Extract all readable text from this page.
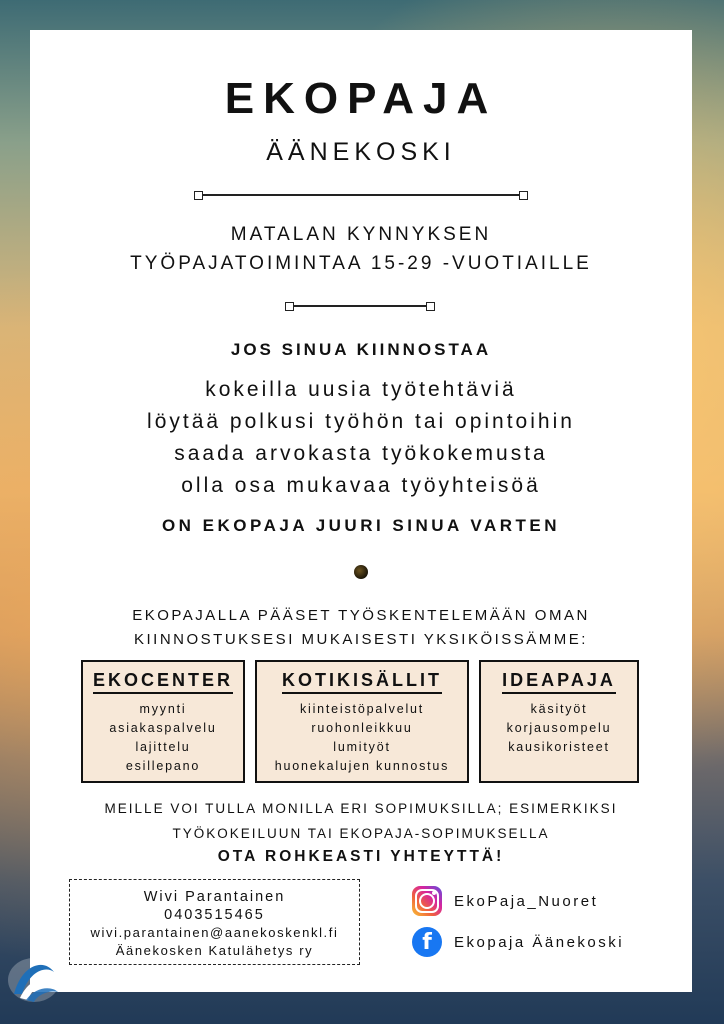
EKOPAJA
ÄÄNEKOSKI
MATALAN KYNNYKSEN
TYÖPAJATOIMINTAA 15-29 -VUOTIAILLE
JOS SINUA KIINNOSTAA
kokeilla uusia työtehtäviä
löytää polkusi työhön tai opintoihin
saada arvokasta työkokemusta
olla osa mukavaa työyhteisöä
ON EKOPAJA JUURI SINUA VARTEN
EKOPAJALLA PÄÄSET TYÖSKENTELEMÄÄN OMAN
KIINNOSTUKSESI MUKAISESTI YKSIKÖISSÄMME:
EKOCENTER
myynti
asiakaspalvelu
lajittelu
esillepano
KOTIKISÄLLIT
kiinteistöpalvelut
ruohonleikkuu
lumityöt
huonekalujen kunnostus
IDEAPAJA
käsityöt
korjausompelu
kausikoristeet
MEILLE VOI TULLA MONILLA ERI SOPIMUKSILLA; ESIMERKIKSI
TYÖKOKEILUUN TAI EKOPAJA-SOPIMUKSELLA
OTA ROHKEASTI YHTEYTTÄ!
Wivi Parantainen
0403515465
wivi.parantainen@aanekoskenkl.fi
Äänekosken Katulähetys ry
EkoPaja_Nuoret
f	Ekopaja Äänekoski
Aluehallintovirasto
